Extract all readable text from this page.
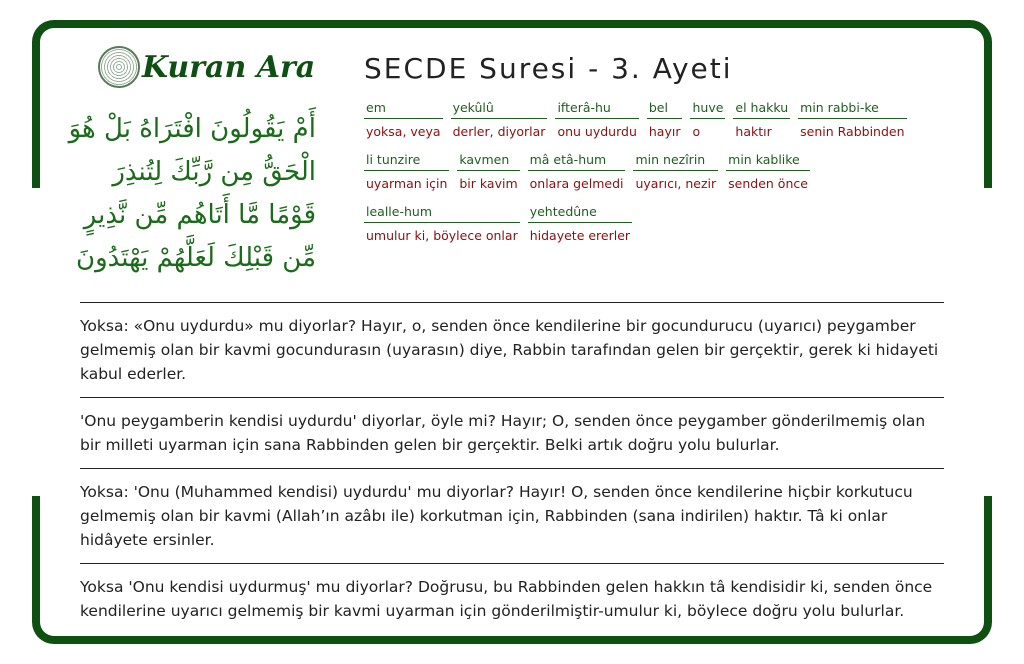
Kuran Ara
أَمْ يَقُولُونَ افْتَرَاهُ بَلْ هُوَ الْحَقُّ مِن رَّبِّكَ لِتُنذِرَ قَوْمًا مَّا أَتَاهُم مِّن نَّذِيرٍ مِّن قَبْلِكَ لَعَلَّهُمْ يَهْتَدُونَ
SECDE Suresi - 3. Ayeti
em
yoksa, veya
yekûlû
derler, diyorlar
ifterâ-hu
onu uydurdu
bel
hayır
huve
o
el hakku
haktır
min rabbi-ke
senin Rabbinden
li tunzire
uyarman için
kavmen
bir kavim
mâ etâ-hum
onlara gelmedi
min nezîrin
uyarıcı, nezir
min kablike
senden önce
lealle-hum
umulur ki, böylece onlar
yehtedûne
hidayete ererler
Yoksa: «Onu uydurdu» mu diyorlar? Hayır, o, senden önce kendilerine bir gocundurucu (uyarıcı) peygamber gelmemiş olan bir kavmi gocundurasın (uyarasın) diye, Rabbin tarafından gelen bir gerçektir, gerek ki hidayeti kabul ederler.
'Onu peygamberin kendisi uydurdu' diyorlar, öyle mi? Hayır; O, senden önce peygamber gönderilmemiş olan bir milleti uyarman için sana Rabbinden gelen bir gerçektir. Belki artık doğru yolu bulurlar.
Yoksa: 'Onu (Muhammed kendisi) uydurdu' mu diyorlar? Hayır! O, senden önce kendilerine hiçbir korkutucu gelmemiş olan bir kavmi (Allah’ın azâbı ile) korkutman için, Rabbinden (sana indirilen) haktır. Tâ ki onlar hidâyete ersinler.
Yoksa 'Onu kendisi uydurmuş' mu diyorlar? Doğrusu, bu Rabbinden gelen hakkın tâ kendisidir ki, senden önce kendilerine uyarıcı gelmemiş bir kavmi uyarman için gönderilmiştir-umulur ki, böylece doğru yolu bulurlar.
